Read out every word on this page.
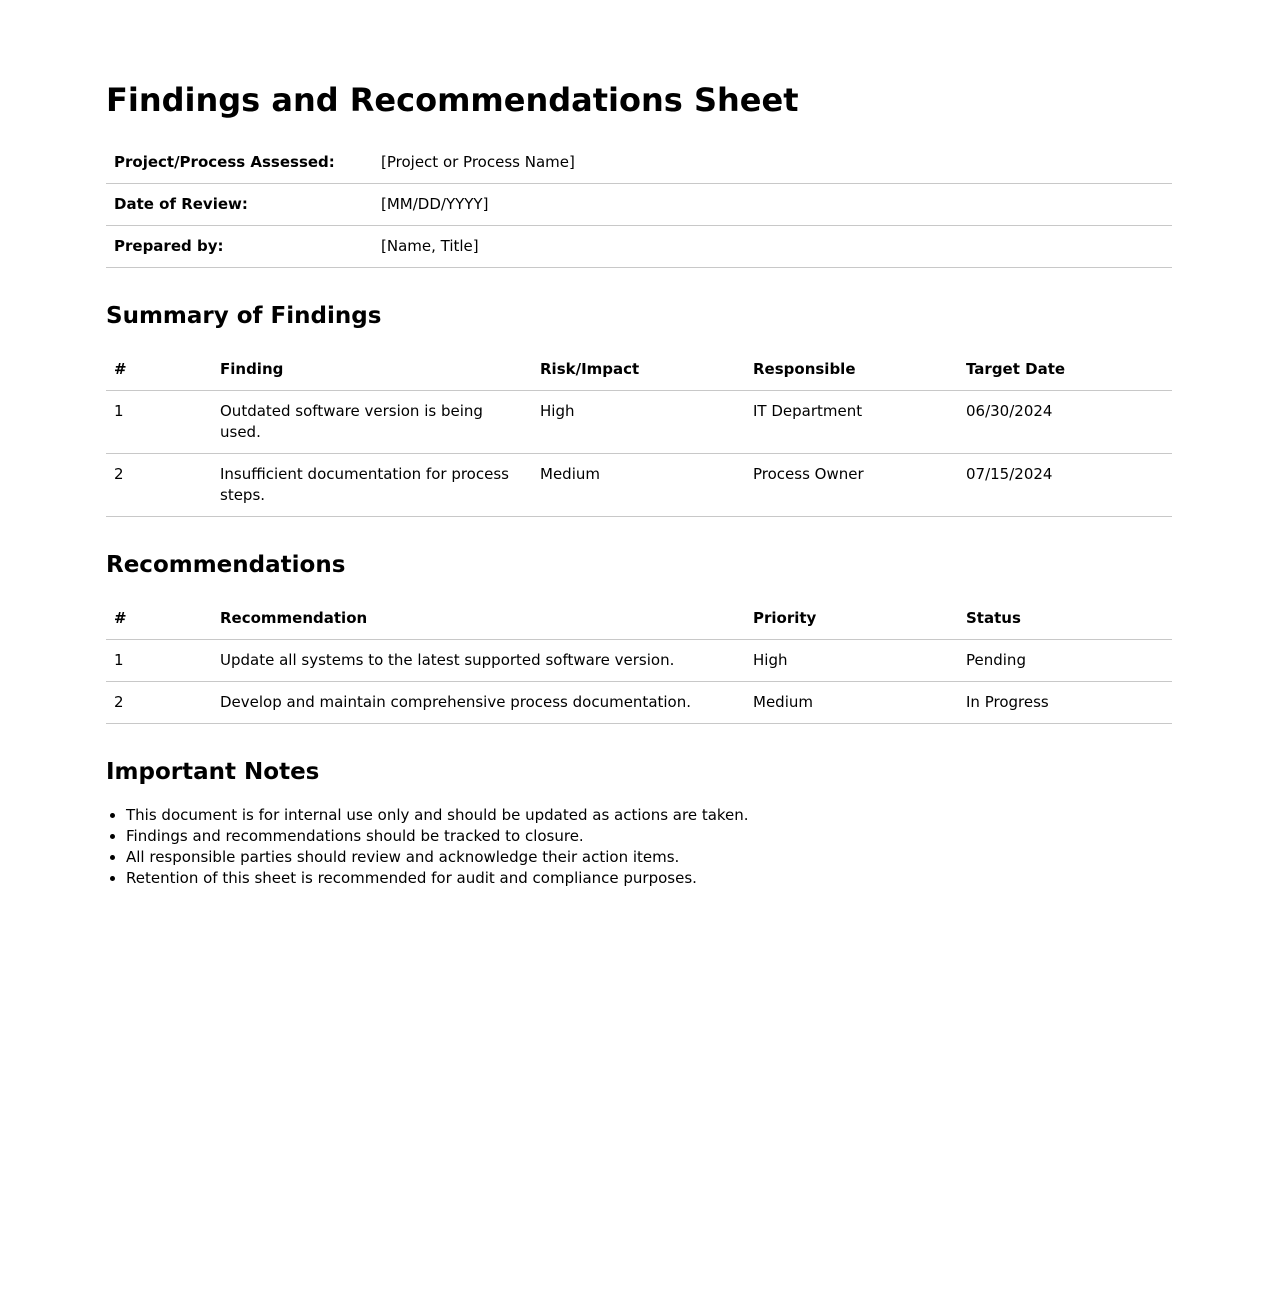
Findings and Recommendations Sheet
Project/Process Assessed:	[Project or Process Name]
Date of Review:	[MM/DD/YYYY]
Prepared by:	[Name, Title]
Summary of Findings
#	Finding	Risk/Impact	Responsible	Target Date
1	Outdated software version is being used.	High	IT Department	06/30/2024
2	Insufficient documentation for process steps.	Medium	Process Owner	07/15/2024
Recommendations
#	Recommendation	Priority	Status
1	Update all systems to the latest supported software version.	High	Pending
2	Develop and maintain comprehensive process documentation.	Medium	In Progress
Important Notes
• This document is for internal use only and should be updated as actions are taken.
• Findings and recommendations should be tracked to closure.
• All responsible parties should review and acknowledge their action items.
• Retention of this sheet is recommended for audit and compliance purposes.
